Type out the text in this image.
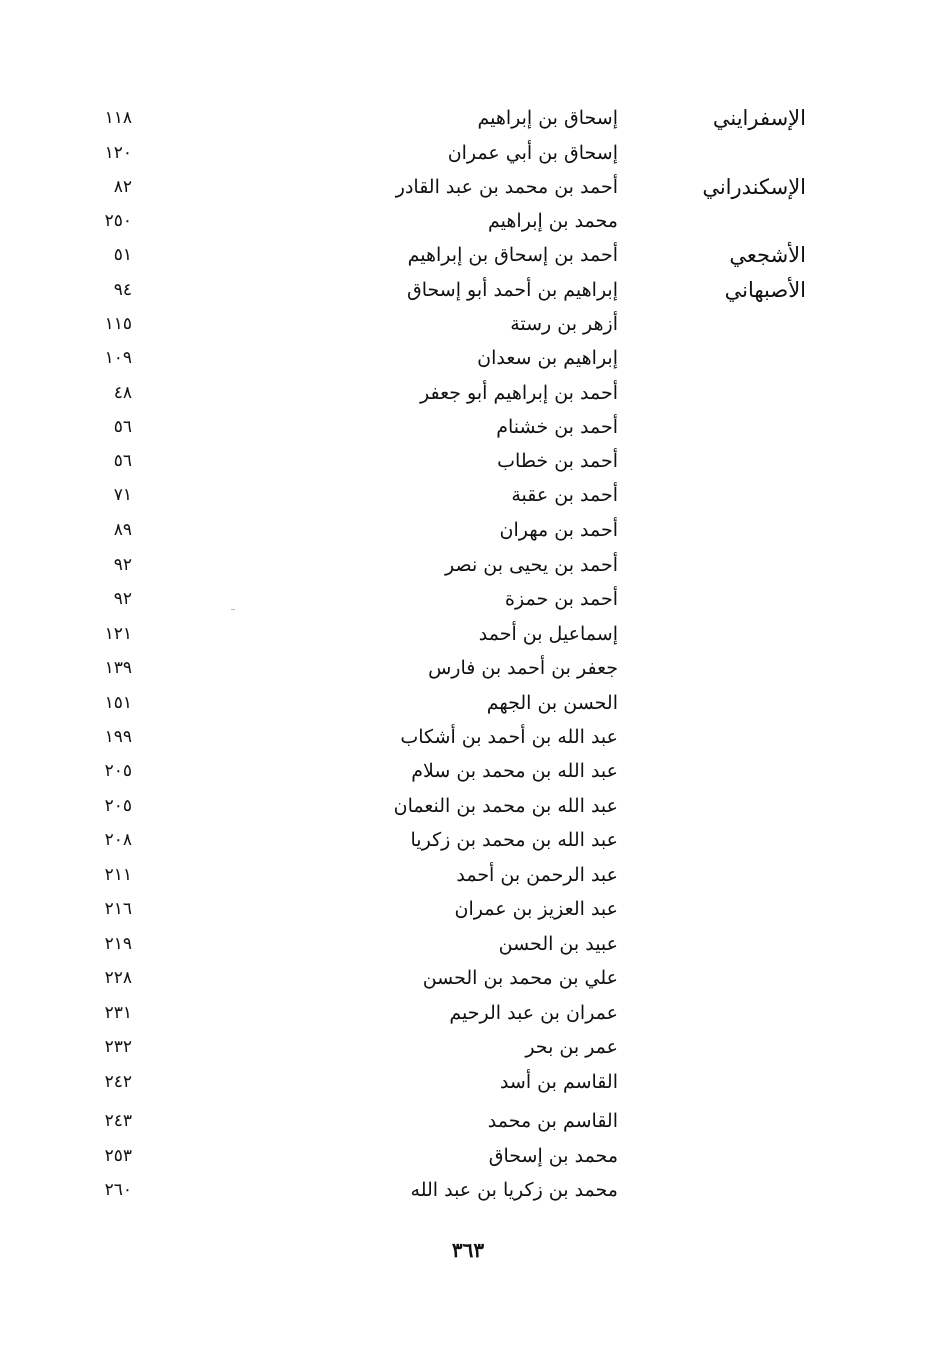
الإسفرايني
إسحاق بن إبراهيم
١١٨
إسحاق بن أبي عمران
١٢٠
الإسكندراني
أحمد بن محمد بن عبد القادر
٨٢
محمد بن إبراهيم
٢٥٠
الأشجعي
أحمد بن إسحاق بن إبراهيم
٥١
الأصبهاني
إبراهيم بن أحمد أبو إسحاق
٩٤
أزهر بن رستة
١١٥
إبراهيم بن سعدان
١٠٩
أحمد بن إبراهيم أبو جعفر
٤٨
أحمد بن خشنام
٥٦
أحمد بن خطاب
٥٦
أحمد بن عقبة
٧١
أحمد بن مهران
٨٩
أحمد بن يحيى بن نصر
٩٢
أحمد بن حمزة
٩٢
إسماعيل بن أحمد
١٢١
جعفر بن أحمد بن فارس
١٣٩
الحسن بن الجهم
١٥١
عبد الله بن أحمد بن أشكاب
١٩٩
عبد الله بن محمد بن سلام
٢٠٥
عبد الله بن محمد بن النعمان
٢٠٥
عبد الله بن محمد بن زكريا
٢٠٨
عبد الرحمن بن أحمد
٢١١
عبد العزيز بن عمران
٢١٦
عبيد بن الحسن
٢١٩
علي بن محمد بن الحسن
٢٢٨
عمران بن عبد الرحيم
٢٣١
عمر بن بحر
٢٣٢
القاسم بن أسد
٢٤٢
القاسم بن محمد
٢٤٣
محمد بن إسحاق
٢٥٣
محمد بن زكريا بن عبد الله
٢٦٠
٣٦٣
